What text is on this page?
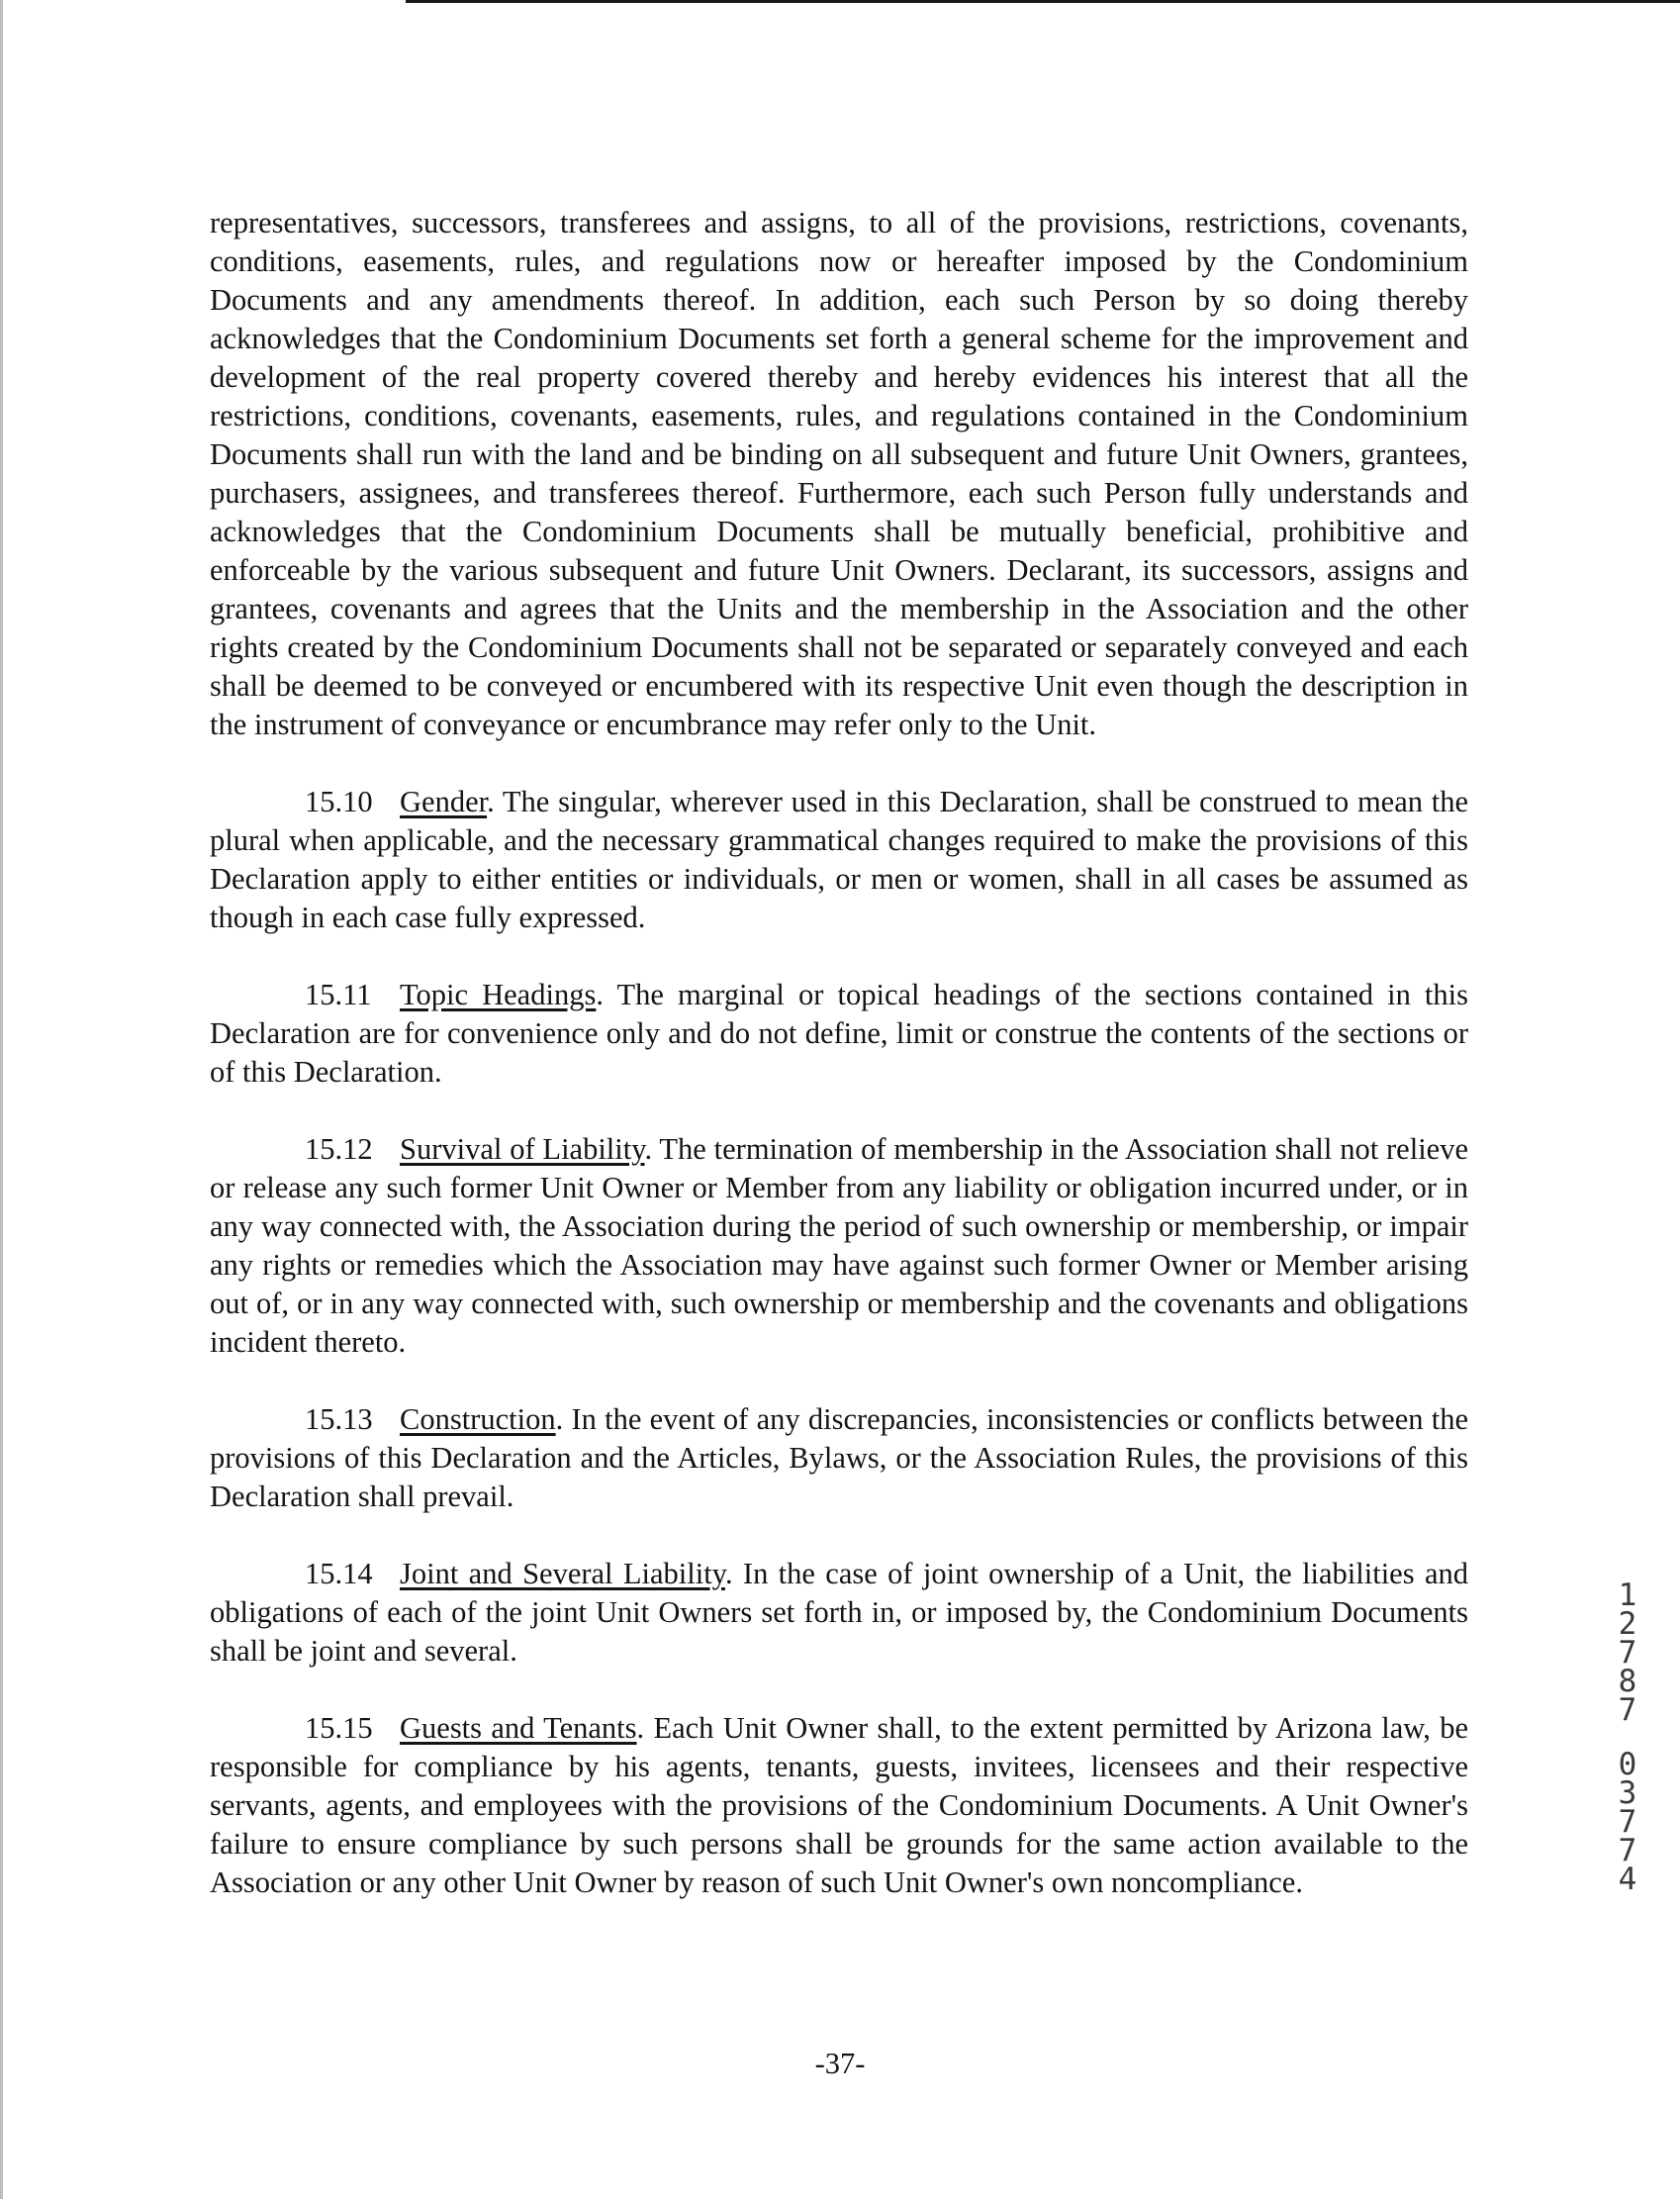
representatives, successors, transferees and assigns, to all of the provisions, restrictions, covenants, conditions, easements, rules, and regulations now or hereafter imposed by the Condominium Documents and any amendments thereof. In addition, each such Person by so doing thereby acknowledges that the Condominium Documents set forth a general scheme for the improvement and development of the real property covered thereby and hereby evidences his interest that all the restrictions, conditions, covenants, easements, rules, and regulations contained in the Condominium Documents shall run with the land and be binding on all subsequent and future Unit Owners, grantees, purchasers, assignees, and transferees thereof. Furthermore, each such Person fully understands and acknowledges that the Condominium Documents shall be mutually beneficial, prohibitive and enforceable by the various subsequent and future Unit Owners. Declarant, its successors, assigns and grantees, covenants and agrees that the Units and the membership in the Association and the other rights created by the Condominium Documents shall not be separated or separately conveyed and each shall be deemed to be conveyed or encumbered with its respective Unit even though the description in the instrument of conveyance or encumbrance may refer only to the Unit.

15.10 Gender. The singular, wherever used in this Declaration, shall be construed to mean the plural when applicable, and the necessary grammatical changes required to make the provisions of this Declaration apply to either entities or individuals, or men or women, shall in all cases be assumed as though in each case fully expressed.

15.11 Topic Headings. The marginal or topical headings of the sections contained in this Declaration are for convenience only and do not define, limit or construe the contents of the sections or of this Declaration.

15.12 Survival of Liability. The termination of membership in the Association shall not relieve or release any such former Unit Owner or Member from any liability or obligation incurred under, or in any way connected with, the Association during the period of such ownership or membership, or impair any rights or remedies which the Association may have against such former Owner or Member arising out of, or in any way connected with, such ownership or membership and the covenants and obligations incident thereto.

15.13 Construction. In the event of any discrepancies, inconsistencies or conflicts between the provisions of this Declaration and the Articles, Bylaws, or the Association Rules, the provisions of this Declaration shall prevail.

15.14 Joint and Several Liability. In the case of joint ownership of a Unit, the liabilities and obligations of each of the joint Unit Owners set forth in, or imposed by, the Condominium Documents shall be joint and several.

15.15 Guests and Tenants. Each Unit Owner shall, to the extent permitted by Arizona law, be responsible for compliance by his agents, tenants, guests, invitees, licensees and their respective servants, agents, and employees with the provisions of the Condominium Documents. A Unit Owner's failure to ensure compliance by such persons shall be grounds for the same action available to the Association or any other Unit Owner by reason of such Unit Owner's own noncompliance.

1
2
7
8
7
0
3
7
7
4
-37-
